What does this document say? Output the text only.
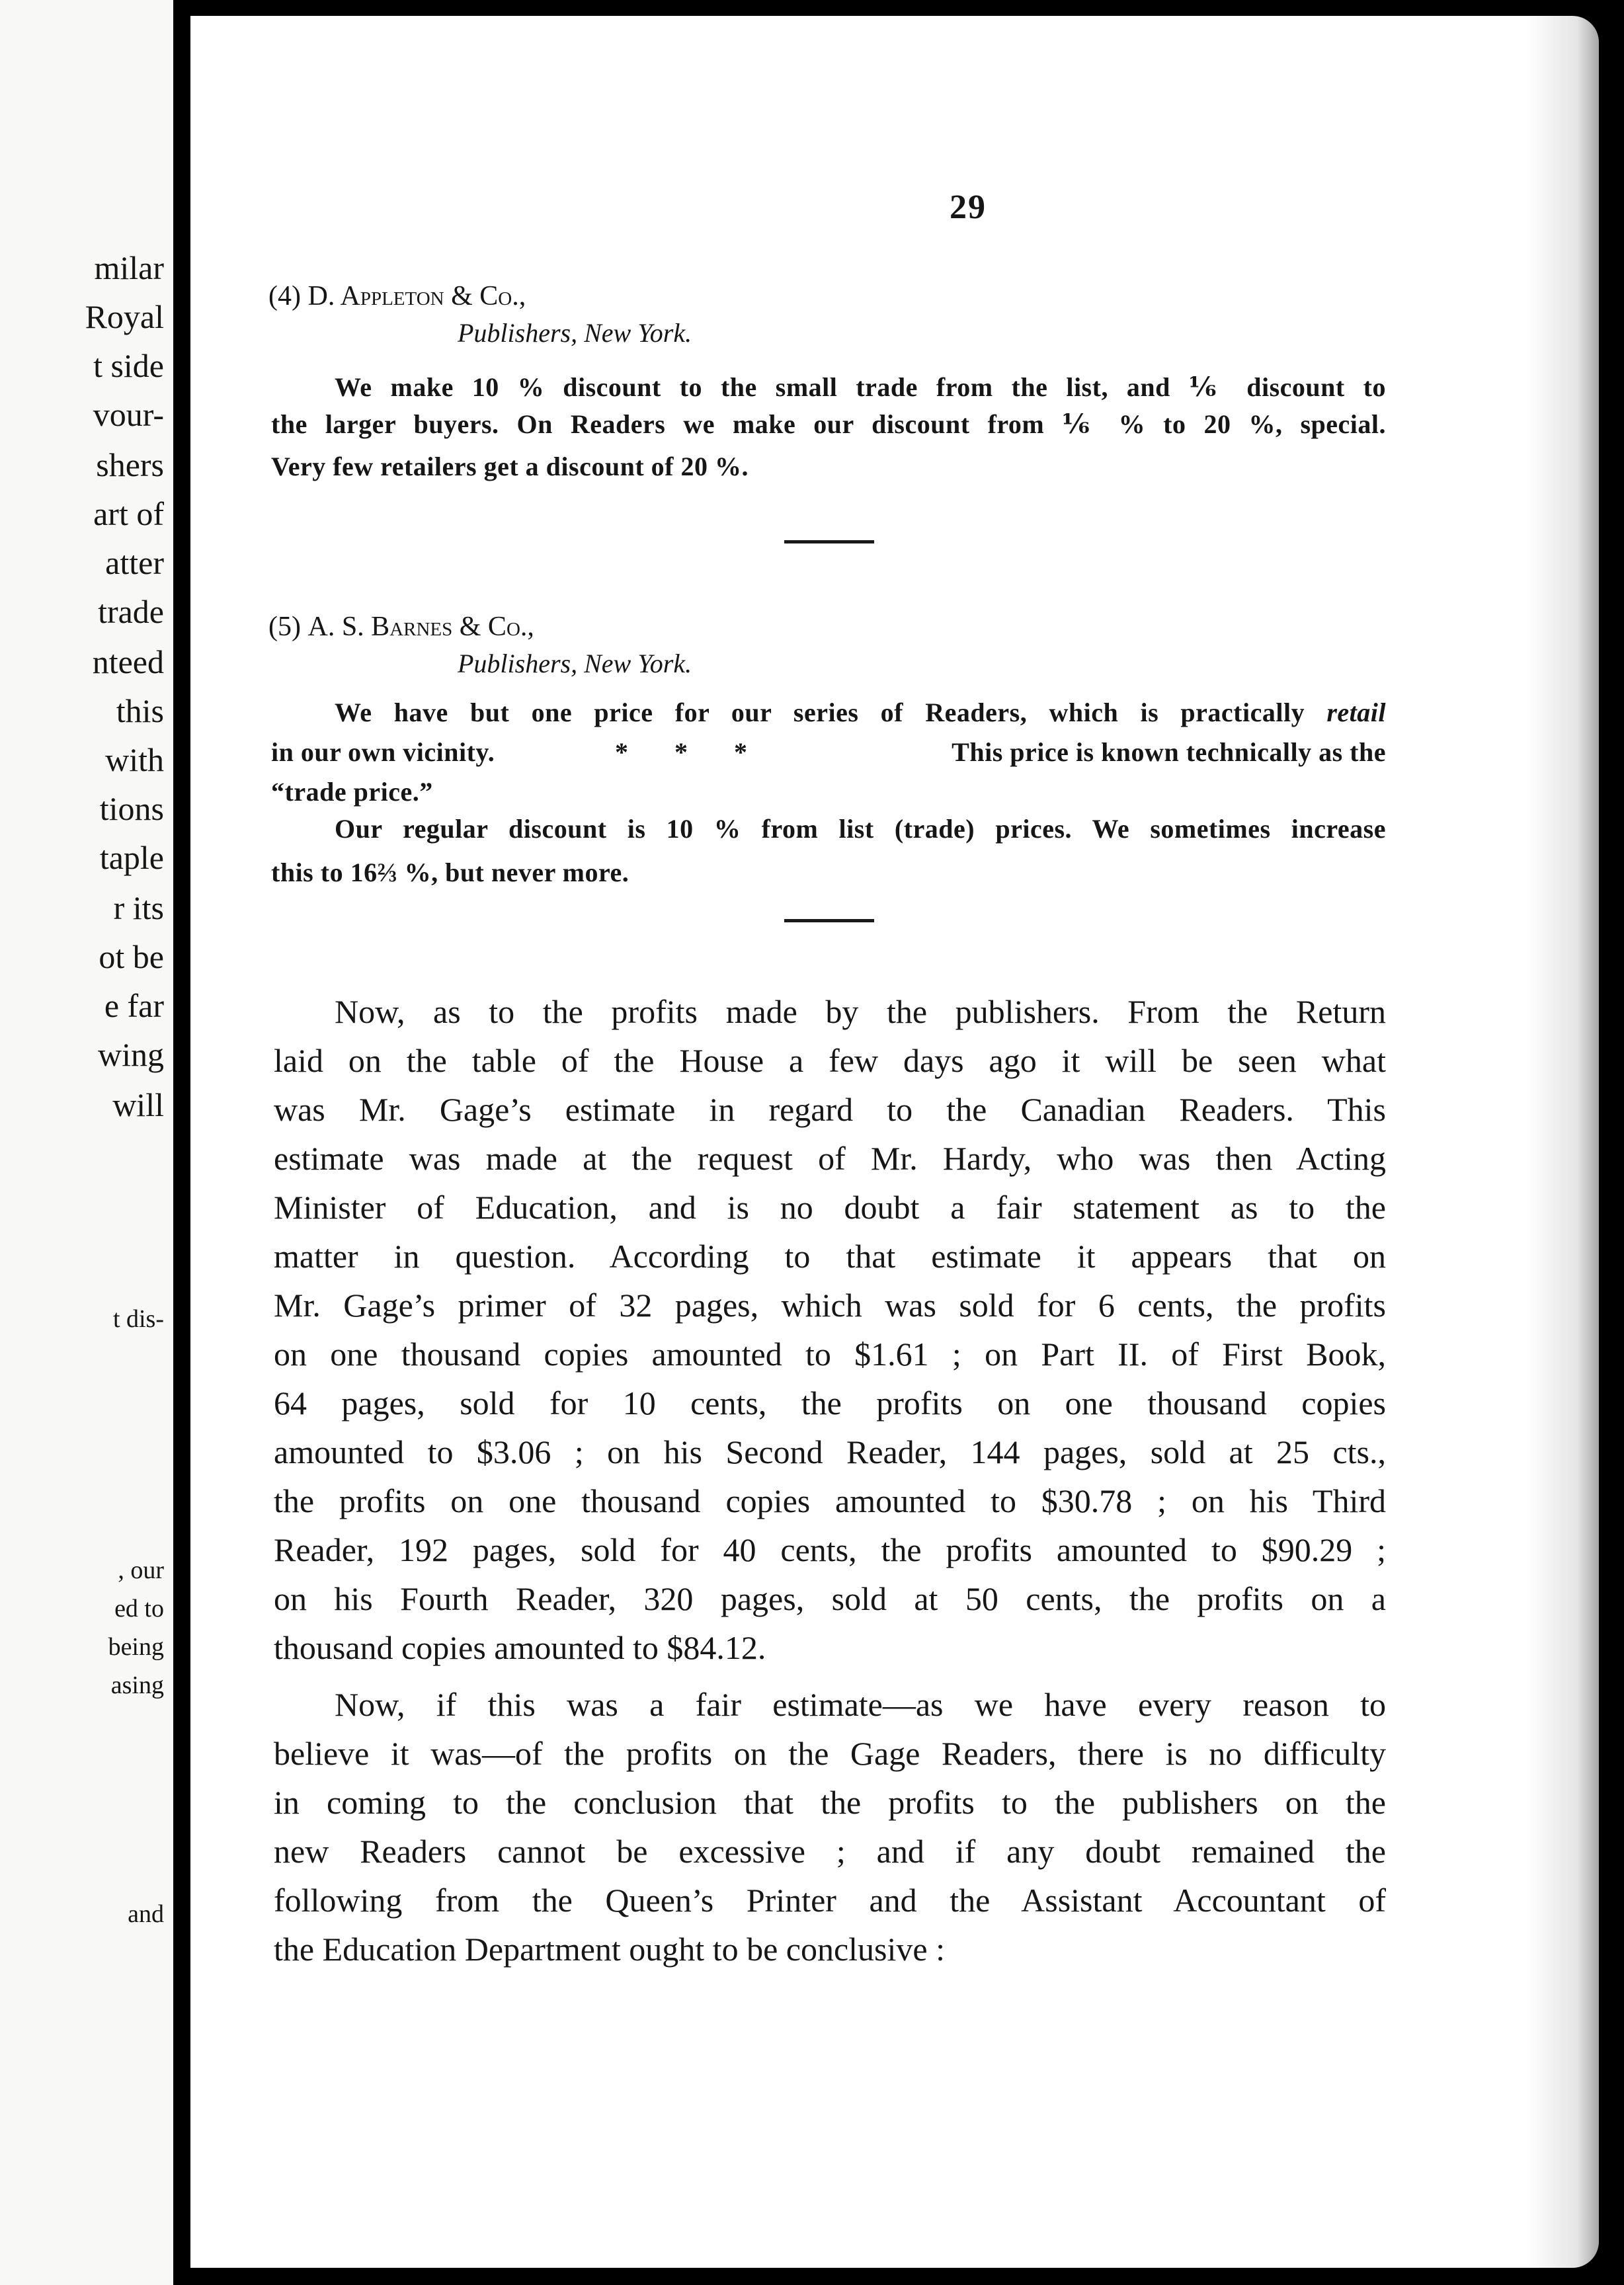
milar
Royal
t side
vour-
shers
art of
atter
trade
nteed
this
with
tions
taple
r its
ot be
e far
wing
will
t dis-
, our
ed to
being
asing
and
29
(4) D. Appleton & Co.,
Publishers, New York.
We make 10 % discount to the small trade from the list, and ⅙ discount to
the larger buyers. On Readers we make our discount from ⅙ % to 20 %, special.
Very few retailers get a discount of 20 %.
(5) A. S. Barnes & Co.,
Publishers, New York.
We have but one price for our series of Readers, which is practically retail
in our own vicinity.	*       *       *	This price is known technically as the
“trade price.”
Our regular discount is 10 % from list (trade) prices. We sometimes increase
this to 16⅔ %, but never more.
Now, as to the profits made by the publishers. From the Return
laid on the table of the House a few days ago it will be seen what
was Mr. Gage’s estimate in regard to the Canadian Readers. This
estimate was made at the request of Mr. Hardy, who was then Acting
Minister of Education, and is no doubt a fair statement as to the
matter in question. According to that estimate it appears that on
Mr. Gage’s primer of 32 pages, which was sold for 6 cents, the profits
on one thousand copies amounted to $1.61 ; on Part II. of First Book,
64 pages, sold for 10 cents, the profits on one thousand copies
amounted to $3.06 ; on his Second Reader, 144 pages, sold at 25 cts.,
the profits on one thousand copies amounted to $30.78 ; on his Third
Reader, 192 pages, sold for 40 cents, the profits amounted to $90.29 ;
on his Fourth Reader, 320 pages, sold at 50 cents, the profits on a
thousand copies amounted to $84.12.
Now, if this was a fair estimate—as we have every reason to
believe it was—of the profits on the Gage Readers, there is no difficulty
in coming to the conclusion that the profits to the publishers on the
new Readers cannot be excessive ; and if any doubt remained the
following from the Queen’s Printer and the Assistant Accountant of
the Education Department ought to be conclusive :
